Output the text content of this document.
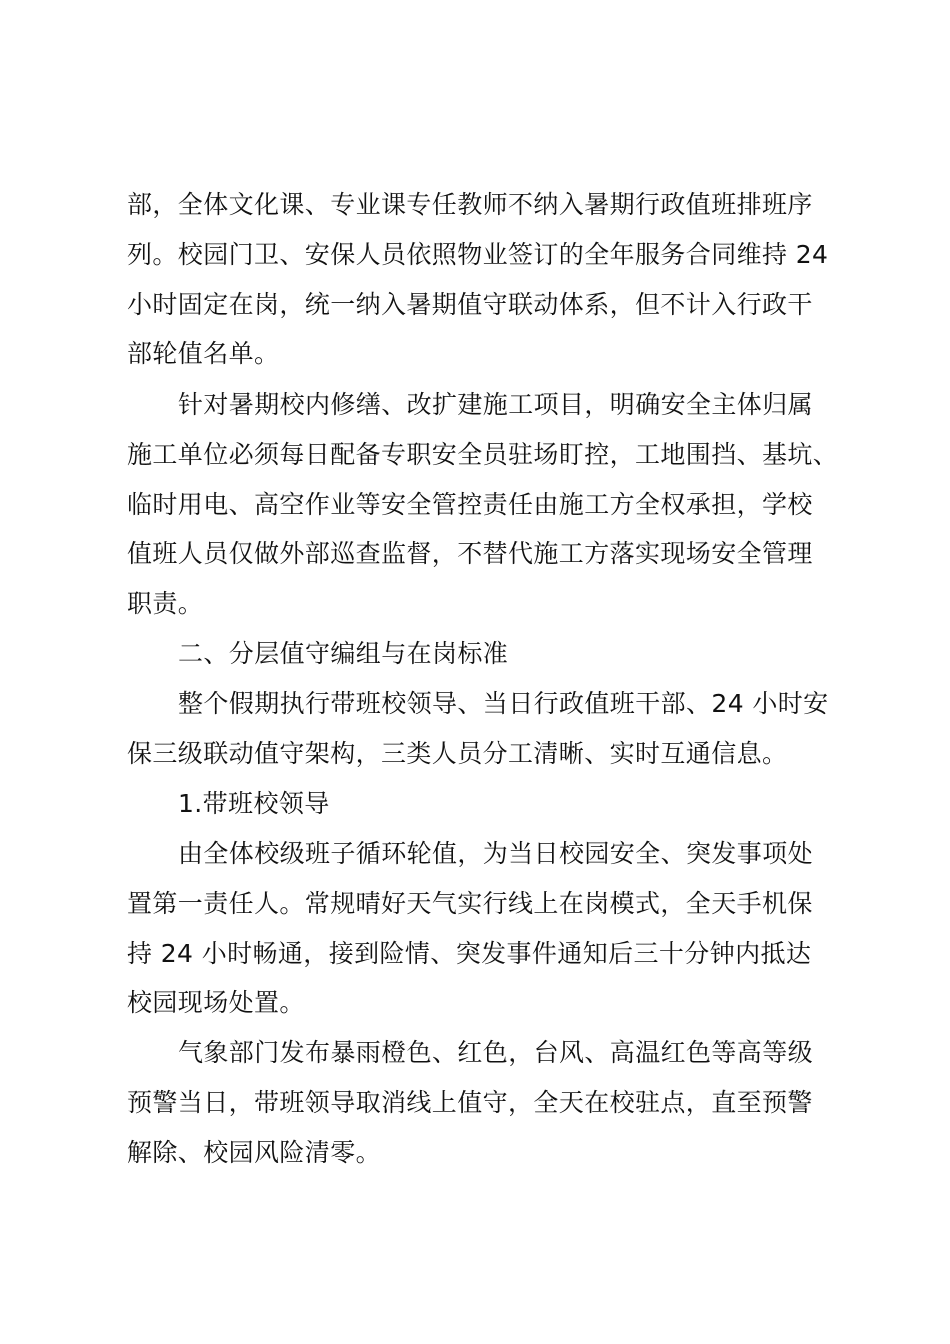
部，全体文化课、专业课专任教师不纳入暑期行政值班排班序
列。校园门卫、安保人员依照物业签订的全年服务合同维持 24
小时固定在岗，统一纳入暑期值守联动体系，但不计入行政干
部轮值名单。
针对暑期校内修缮、改扩建施工项目，明确安全主体归属
施工单位必须每日配备专职安全员驻场盯控，工地围挡、基坑、
临时用电、高空作业等安全管控责任由施工方全权承担，学校
值班人员仅做外部巡查监督，不替代施工方落实现场安全管理
职责。
二、分层值守编组与在岗标准
整个假期执行带班校领导、当日行政值班干部、24 小时安
保三级联动值守架构，三类人员分工清晰、实时互通信息。
1.带班校领导
由全体校级班子循环轮值，为当日校园安全、突发事项处
置第一责任人。常规晴好天气实行线上在岗模式，全天手机保
持 24 小时畅通，接到险情、突发事件通知后三十分钟内抵达
校园现场处置。
气象部门发布暴雨橙色、红色，台风、高温红色等高等级
预警当日，带班领导取消线上值守，全天在校驻点，直至预警
解除、校园风险清零。
